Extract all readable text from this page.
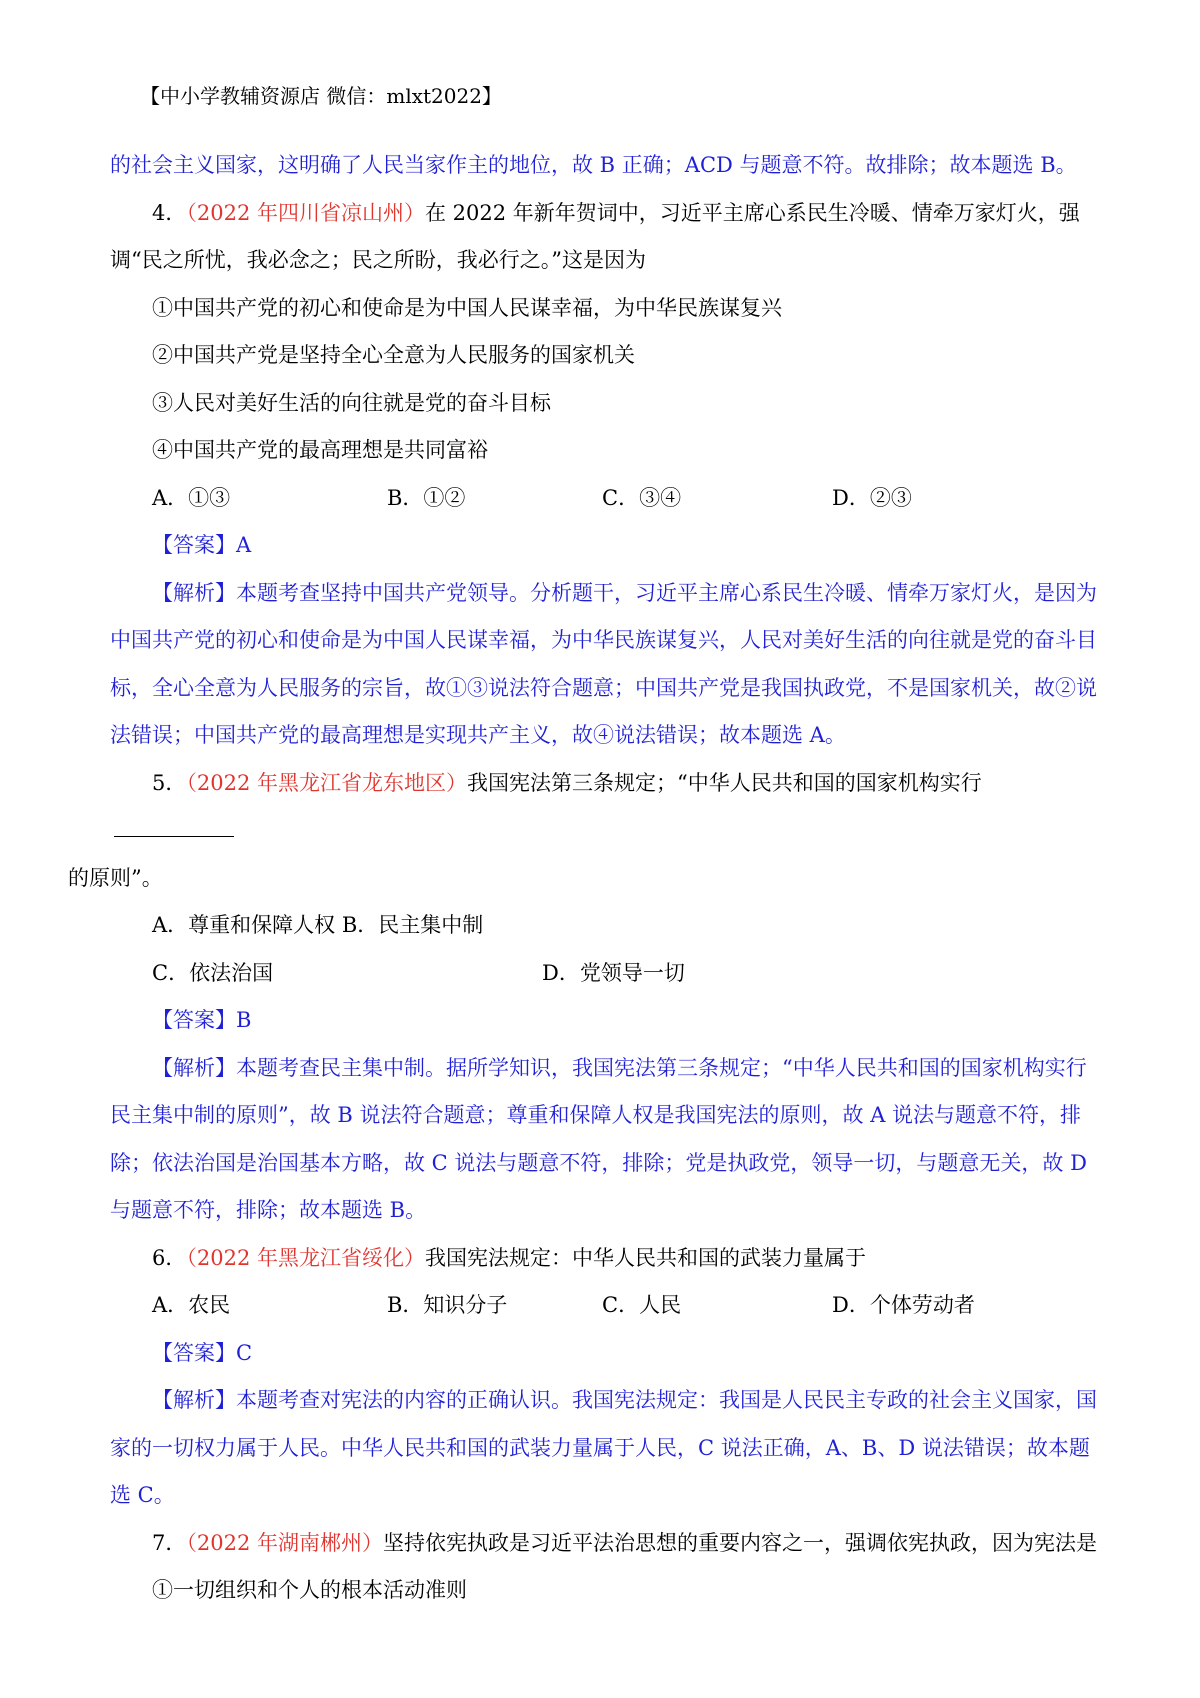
【中小学教辅资源店 微信：mlxt2022】

的社会主义国家，这明确了人民当家作主的地位，故 B 正确；ACD 与题意不符。故排除；故本题选 B。

4．（2022 年四川省凉山州）在 2022 年新年贺词中，习近平主席心系民生冷暖、情牵万家灯火，强调“民之所忧，我必念之；民之所盼，我必行之。”这是因为

①中国共产党的初心和使命是为中国人民谋幸福，为中华民族谋复兴

②中国共产党是坚持全心全意为人民服务的国家机关

③人民对美好生活的向往就是党的奋斗目标

④中国共产党的最高理想是共同富裕

A．①③	B．①②	C．③④	D．②③

【答案】A

【解析】本题考查坚持中国共产党领导。分析题干，习近平主席心系民生冷暖、情牵万家灯火，是因为中国共产党的初心和使命是为中国人民谋幸福，为中华民族谋复兴，人民对美好生活的向往就是党的奋斗目标，全心全意为人民服务的宗旨，故①③说法符合题意；中国共产党是我国执政党，不是国家机关，故②说法错误；中国共产党的最高理想是实现共产主义，故④说法错误；故本题选 A。

5．（2022 年黑龙江省龙东地区）我国宪法第三条规定；“中华人民共和国的国家机构实行
的原则”。

A．尊重和保障人权 B．民主集中制
C．依法治国	D．党领导一切

【答案】B

【解析】本题考查民主集中制。据所学知识，我国宪法第三条规定；“中华人民共和国的国家机构实行民主集中制的原则”，故 B 说法符合题意；尊重和保障人权是我国宪法的原则，故 A 说法与题意不符，排除；依法治国是治国基本方略，故 C 说法与题意不符，排除；党是执政党，领导一切，与题意无关，故 D 与题意不符，排除；故本题选 B。

6．（2022 年黑龙江省绥化）我国宪法规定：中华人民共和国的武装力量属于

A．农民	B．知识分子	C．人民	D．个体劳动者

【答案】C

【解析】本题考查对宪法的内容的正确认识。我国宪法规定：我国是人民民主专政的社会主义国家，国家的一切权力属于人民。中华人民共和国的武装力量属于人民，C 说法正确，A、B、D 说法错误；故本题选 C。

7．（2022 年湖南郴州）坚持依宪执政是习近平法治思想的重要内容之一，强调依宪执政，因为宪法是

①一切组织和个人的根本活动准则
